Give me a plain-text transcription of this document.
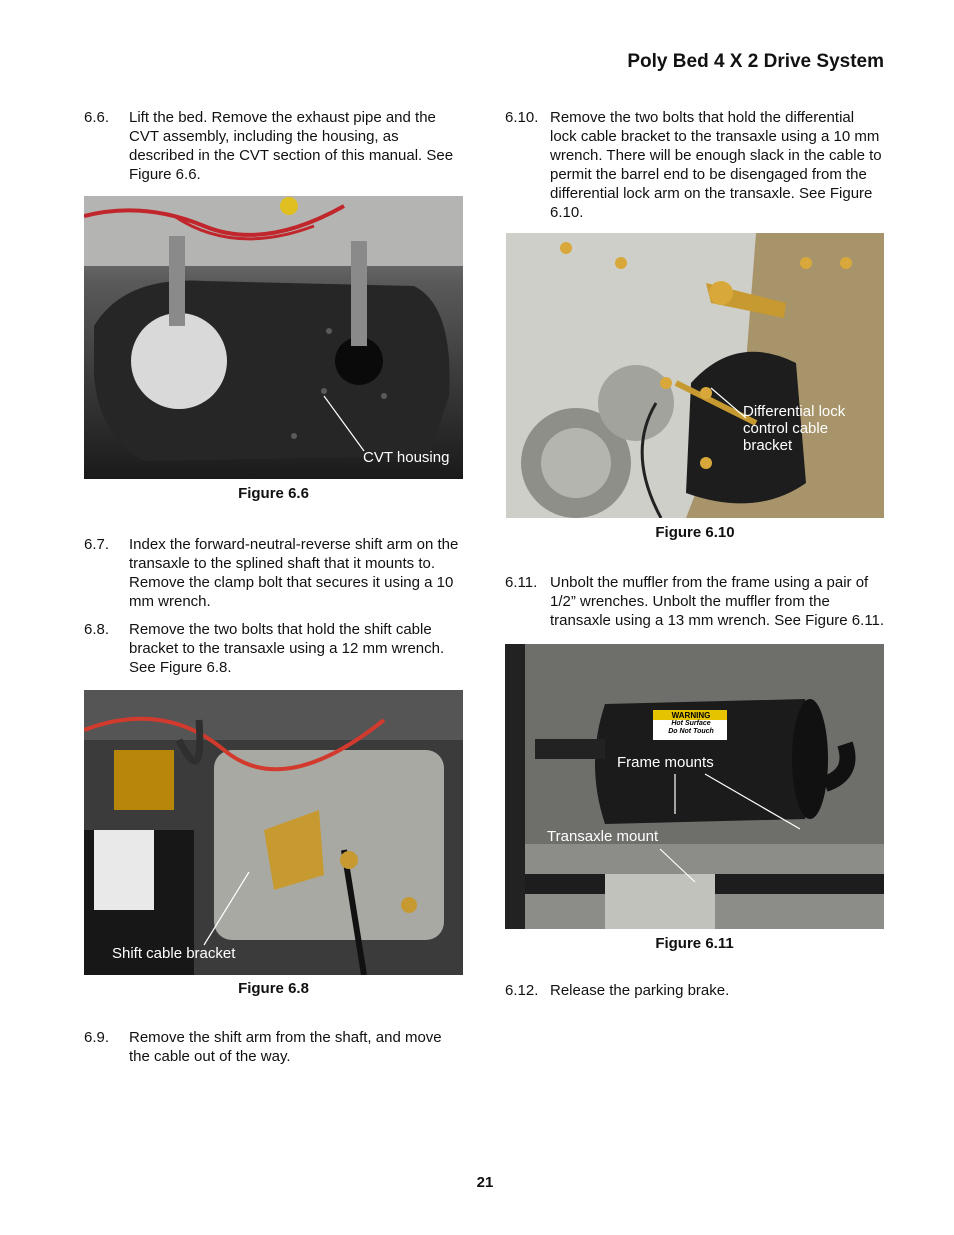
Poly Bed 4 X 2 Drive System
6.6. Lift the bed. Remove the exhaust pipe and the CVT assembly, including the housing, as described in the CVT section of this manual. See Figure 6.6.
CVT housing
Figure 6.6
6.7. Index the forward-neutral-reverse shift arm on the transaxle to the splined shaft that it mounts to. Remove the clamp bolt that secures it using a 10 mm wrench.
6.8. Remove the two bolts that hold the shift cable bracket to the transaxle using a 12 mm wrench. See Figure 6.8.
Shift cable bracket
Figure 6.8
6.9. Remove the shift arm from the shaft, and move the cable out of the way.
6.10. Remove the two bolts that hold the differential lock cable bracket to the transaxle using a 10 mm wrench. There will be enough slack in the cable to permit the barrel end to be disengaged from the differential lock arm on the transaxle. See Figure 6.10.
Differential lock
control cable
bracket
Figure 6.10
6.11. Unbolt the muffler from the frame using a pair of 1/2” wrenches. Unbolt the muffler from the transaxle using a 13 mm wrench. See Figure 6.11.
WARNING
Hot Surface
Do Not Touch
Frame mounts
Transaxle mount
Figure 6.11
6.12. Release the parking brake.
21
